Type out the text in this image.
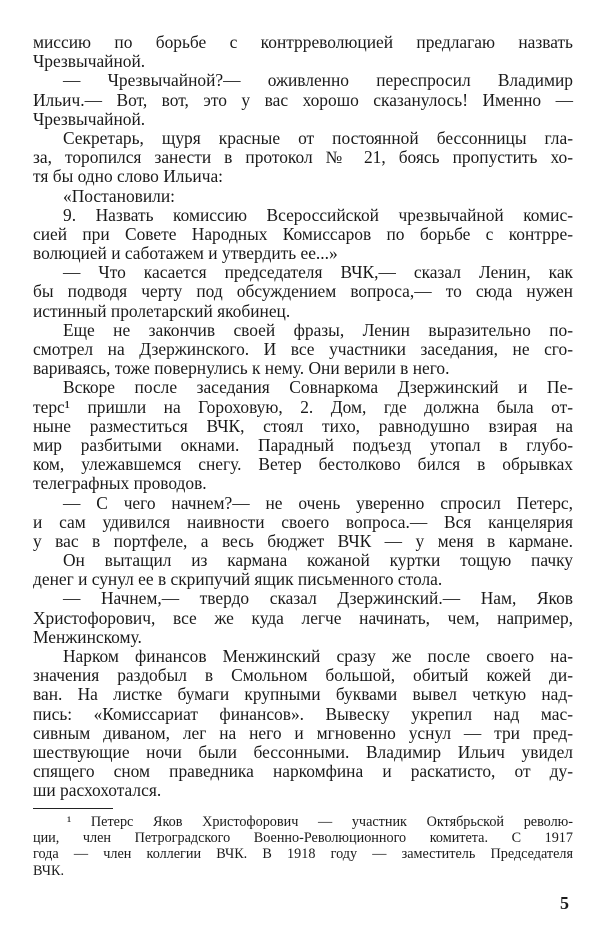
миссию по борьбе с контрреволюцией предлагаю назвать
Чрезвычайной.
— Чрезвычайной?— оживленно переспросил Владимир
Ильич.— Вот, вот, это у вас хорошо сказанулось! Именно —
Чрезвычайной.
Секретарь, щуря красные от постоянной бессонницы гла-
за, торопился занести в протокол № 21, боясь пропустить хо-
тя бы одно слово Ильича:
«Постановили:
9. Назвать комиссию Всероссийской чрезвычайной комис-
сией при Совете Народных Комиссаров по борьбе с контрре-
волюцией и саботажем и утвердить ее...»
— Что касается председателя ВЧК,— сказал Ленин, как
бы подводя черту под обсуждением вопроса,— то сюда нужен
истинный пролетарский якобинец.
Еще не закончив своей фразы, Ленин выразительно по-
смотрел на Дзержинского. И все участники заседания, не сго-
вариваясь, тоже повернулись к нему. Они верили в него.
Вскоре после заседания Совнаркома Дзержинский и Пе-
терс¹ пришли на Гороховую, 2. Дом, где должна была от-
ныне разместиться ВЧК, стоял тихо, равнодушно взирая на
мир разбитыми окнами. Парадный подъезд утопал в глубо-
ком, улежавшемся снегу. Ветер бестолково бился в обрывках
телеграфных проводов.
— С чего начнем?— не очень уверенно спросил Петерс,
и сам удивился наивности своего вопроса.— Вся канцелярия
у вас в портфеле, а весь бюджет ВЧК — у меня в кармане.
Он вытащил из кармана кожаной куртки тощую пачку
денег и сунул ее в скрипучий ящик письменного стола.
— Начнем,— твердо сказал Дзержинский.— Нам, Яков
Христофорович, все же куда легче начинать, чем, например,
Менжинскому.
Нарком финансов Менжинский сразу же после своего на-
значения раздобыл в Смольном большой, обитый кожей ди-
ван. На листке бумаги крупными буквами вывел четкую над-
пись: «Комиссариат финансов». Вывеску укрепил над мас-
сивным диваном, лег на него и мгновенно уснул — три пред-
шествующие ночи были бессонными. Владимир Ильич увидел
спящего сном праведника наркомфина и раскатисто, от ду-
ши расхохотался.
¹ Петерс Яков Христофорович — участник Октябрьской револю-
ции, член Петроградского Военно-Революционного комитета. С 1917
года — член коллегии ВЧК. В 1918 году — заместитель Председателя
ВЧК.
5
